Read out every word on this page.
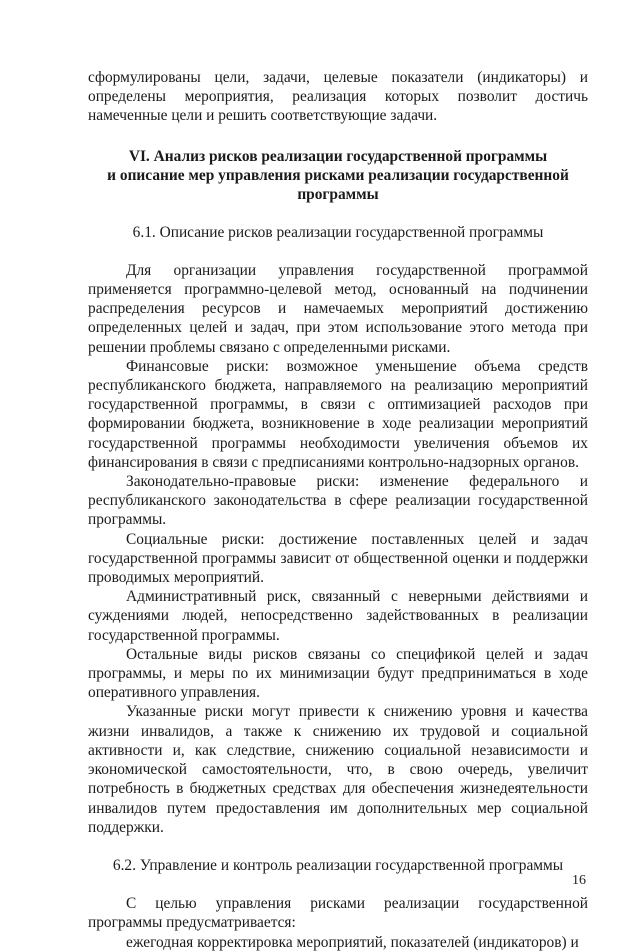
сформулированы цели, задачи, целевые показатели (индикаторы) и определены мероприятия, реализация которых позволит достичь намеченные цели и решить соответствующие задачи.

VI. Анализ рисков реализации государственной программы
и описание мер управления рисками реализации государственной
программы
6.1. Описание рисков реализации государственной программы

Для организации управления государственной программой применяется программно-целевой метод, основанный на подчинении распределения ресурсов и намечаемых мероприятий достижению определенных целей и задач, при этом использование этого метода при решении проблемы связано с определенными рисками.

Финансовые риски: возможное уменьшение объема средств республиканского бюджета, направляемого на реализацию мероприятий государственной программы, в связи с оптимизацией расходов при формировании бюджета, возникновение в ходе реализации мероприятий государственной программы необходимости увеличения объемов их финансирования в связи с предписаниями контрольно-надзорных органов.

Законодательно-правовые риски: изменение федерального и республиканского законодательства в сфере реализации государственной программы.

Социальные риски: достижение поставленных целей и задач государственной программы зависит от общественной оценки и поддержки проводимых мероприятий.

Административный риск, связанный с неверными действиями и суждениями людей, непосредственно задействованных в реализации государственной программы.

Остальные виды рисков связаны со спецификой целей и задач программы, и меры по их минимизации будут предприниматься в ходе оперативного управления.

Указанные риски могут привести к снижению уровня и качества жизни инвалидов, а также к снижению их трудовой и социальной активности и, как следствие, снижению социальной независимости и экономической самостоятельности, что, в свою очередь, увеличит потребность в бюджетных средствах для обеспечения жизнедеятельности инвалидов путем предоставления им дополнительных мер социальной поддержки.

6.2. Управление и контроль реализации государственной программы

С целью управления рисками реализации государственной программы предусматривается:

ежегодная корректировка мероприятий, показателей (индикаторов) и

16
